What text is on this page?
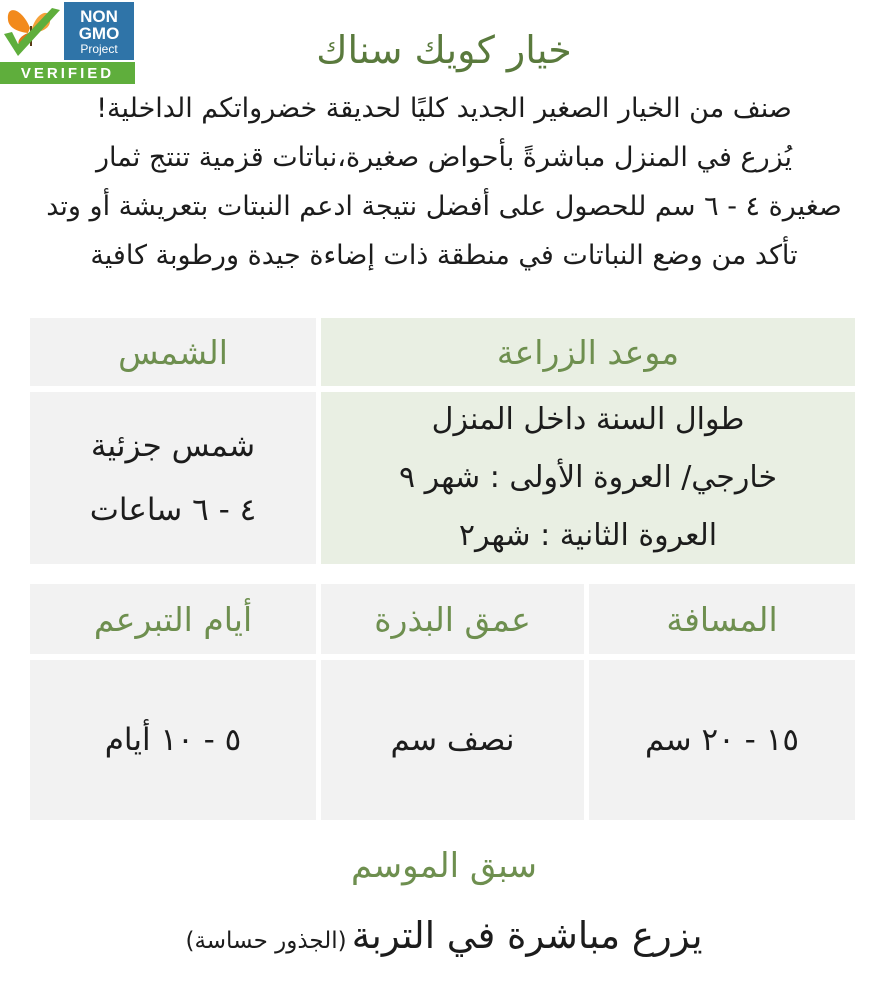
NON
GMO
Project
VERIFIED
خيار كويك سناك
صنف من الخيار الصغير الجديد كليًا لحديقة خضرواتكم الداخلية!
يُزرع في المنزل مباشرةً بأحواض صغيرة،نباتات قزمية تنتج ثمار
صغيرة ٤ - ٦ سم للحصول على أفضل نتيجة ادعم النبتات بتعريشة أو وتد
تأكد من وضع النباتات في منطقة ذات إضاءة جيدة ورطوبة كافية
موعد الزراعة
الشمس
طوال السنة داخل المنزل
خارجي/ العروة الأولى : شهر ٩
العروة الثانية : شهر٢
شمس جزئية
٤ - ٦ ساعات
المسافة
عمق البذرة
أيام التبرعم
١٥ - ٢٠ سم
نصف سم
٥ - ١٠ أيام
سبق الموسم
يزرع مباشرة في التربة (الجذور حساسة)
